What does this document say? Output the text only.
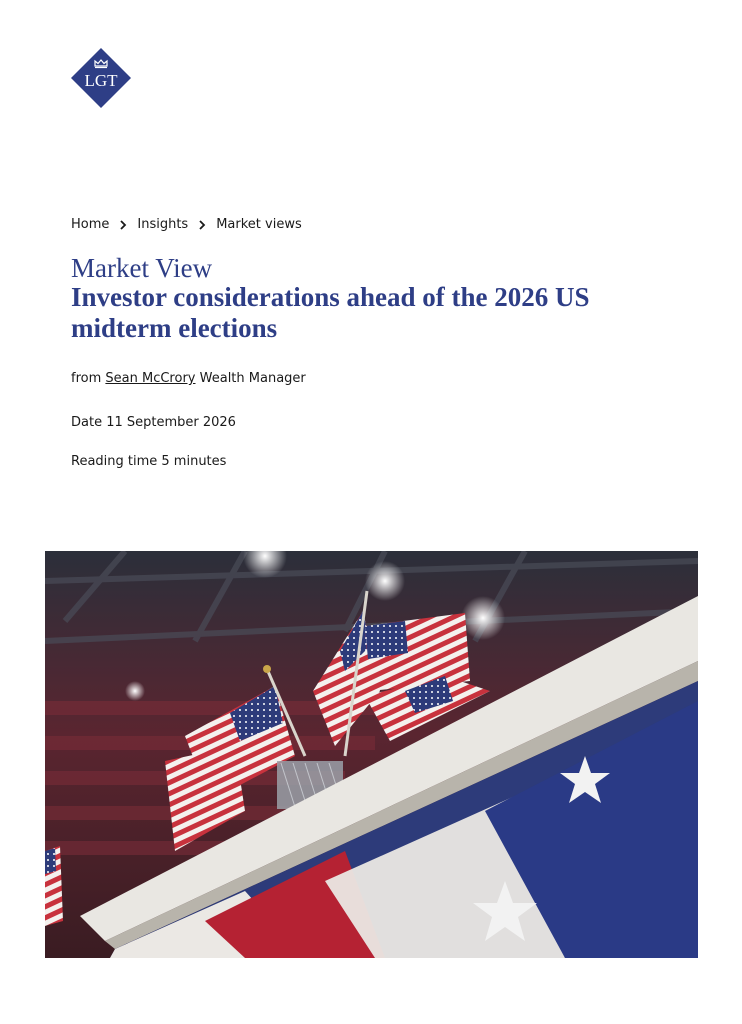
LGT
Home Insights Market views
Market View
Investor considerations ahead of the 2026 US midterm elections
from Sean McCrory Wealth Manager
Date 11 September 2026
Reading time 5 minutes
